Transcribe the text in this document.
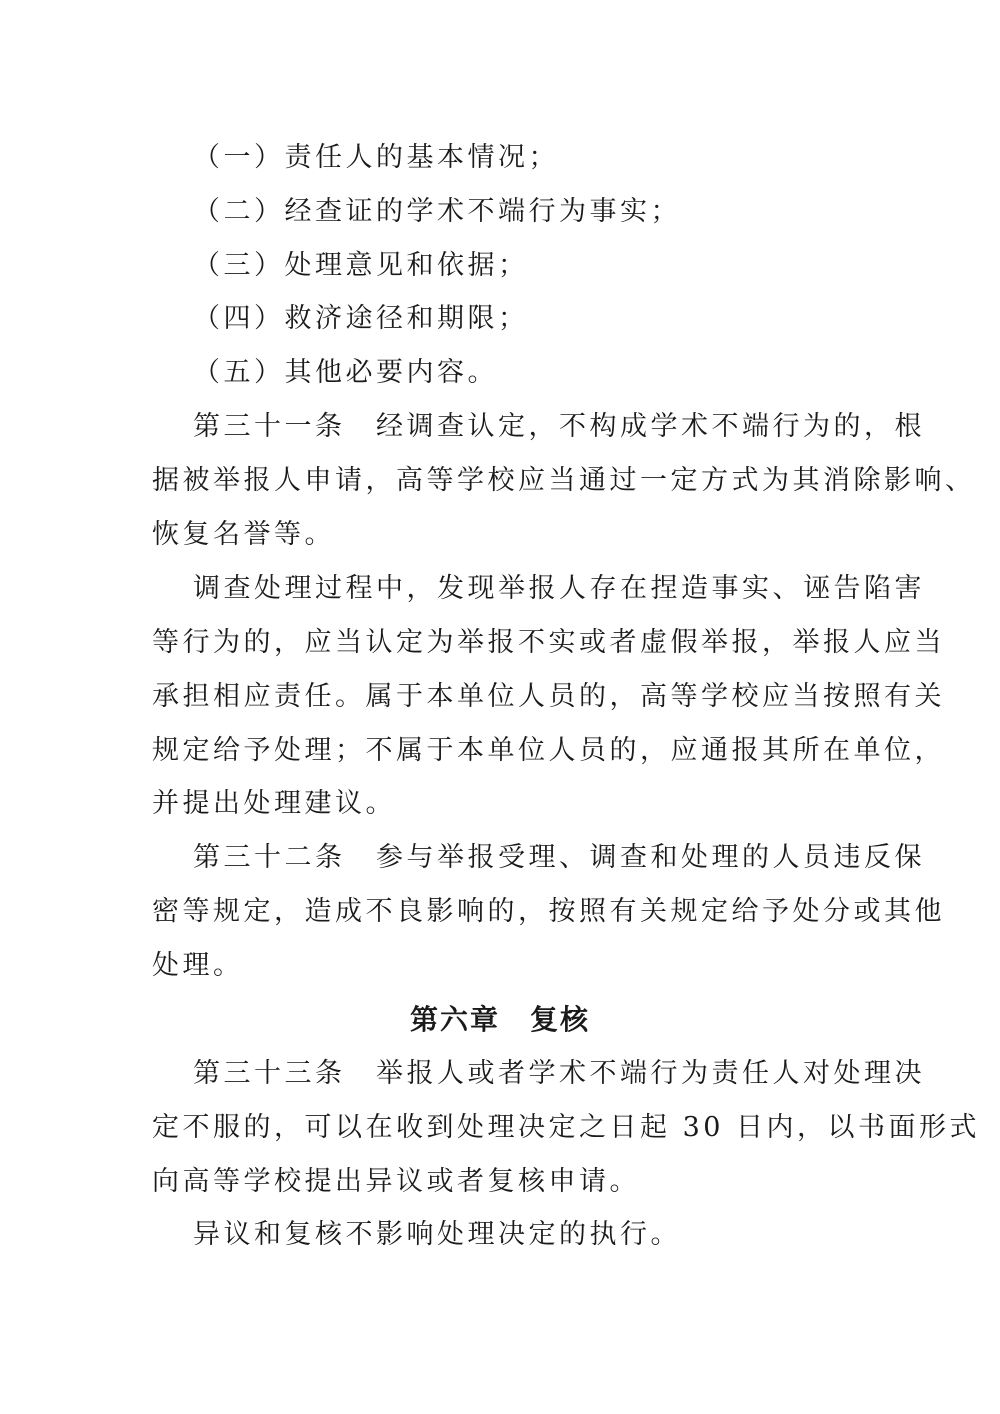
（一）责任人的基本情况；
（二）经查证的学术不端行为事实；
（三）处理意见和依据；
（四）救济途径和期限；
（五）其他必要内容。
第三十一条　经调查认定，不构成学术不端行为的，根
据被举报人申请，高等学校应当通过一定方式为其消除影响、
恢复名誉等。
调查处理过程中，发现举报人存在捏造事实、诬告陷害
等行为的，应当认定为举报不实或者虚假举报，举报人应当
承担相应责任。属于本单位人员的，高等学校应当按照有关
规定给予处理；不属于本单位人员的，应通报其所在单位，
并提出处理建议。
第三十二条　参与举报受理、调查和处理的人员违反保
密等规定，造成不良影响的，按照有关规定给予处分或其他
处理。
第六章　复核
第三十三条　举报人或者学术不端行为责任人对处理决
定不服的，可以在收到处理决定之日起 30 日内，以书面形式
向高等学校提出异议或者复核申请。
异议和复核不影响处理决定的执行。
